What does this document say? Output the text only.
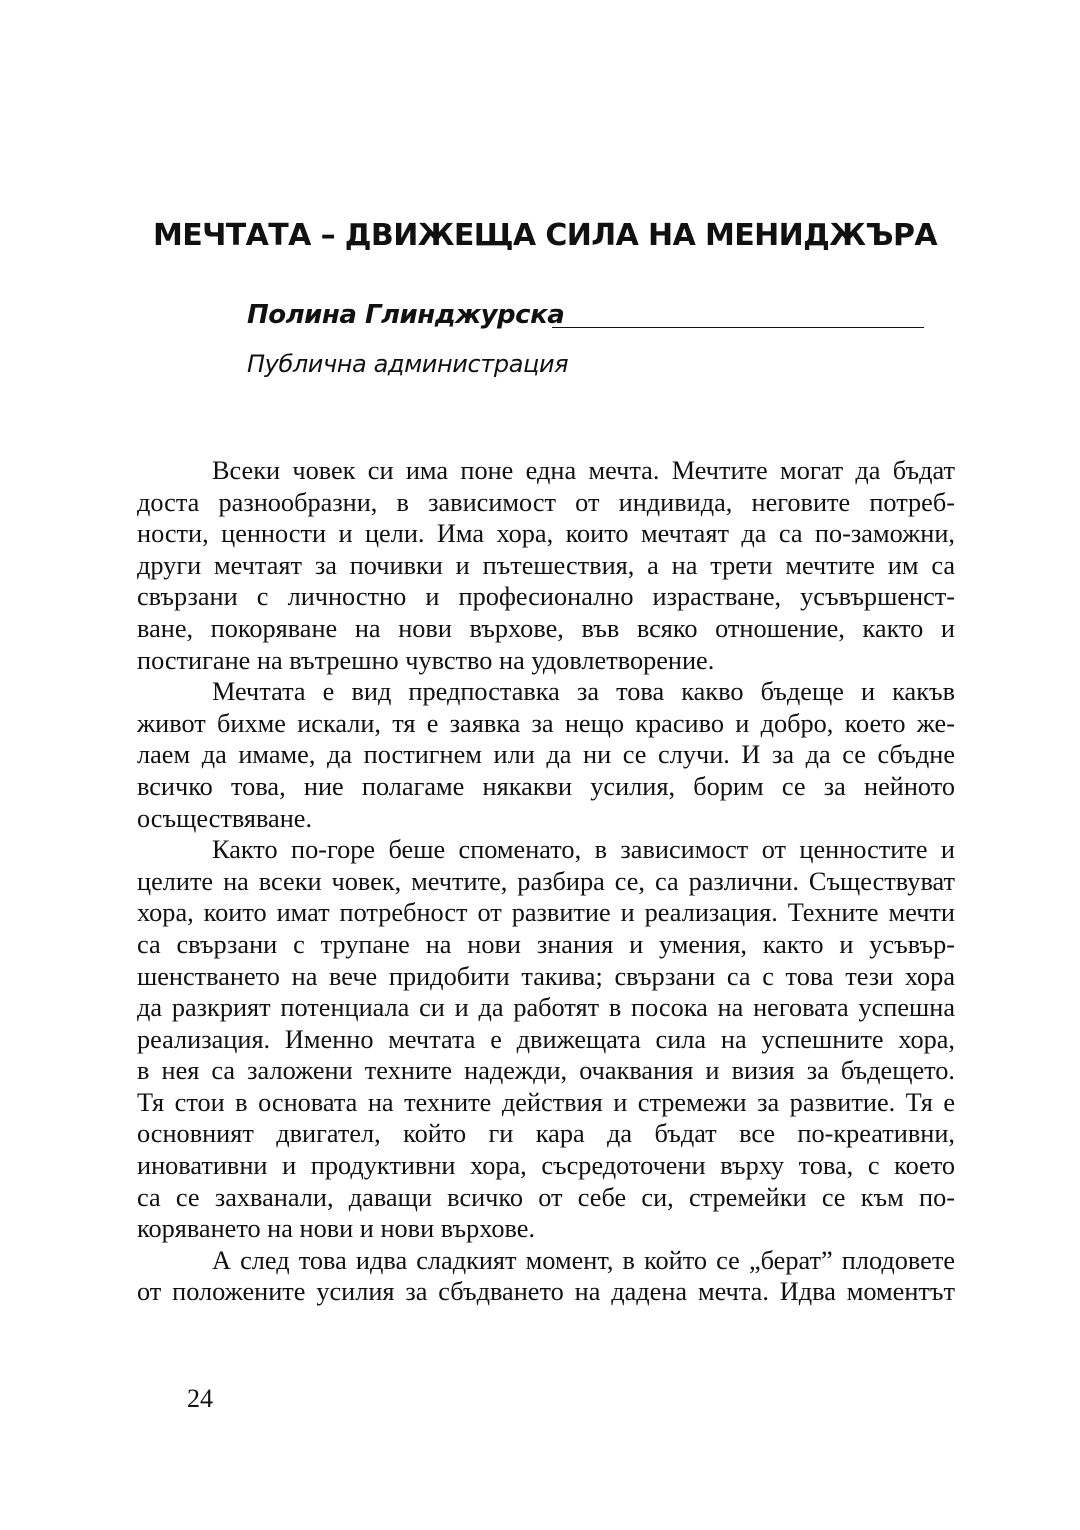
МЕЧТАТА – ДВИЖЕЩА СИЛА НА МЕНИДЖЪРА
Полина Глинджурска
Публична администрация
Всеки човек си има поне една мечта. Мечтите могат да бъдат
доста разнообразни, в зависимост от индивида, неговите потреб-
ности, ценности и цели. Има хора, които мечтаят да са по-заможни,
други мечтаят за почивки и пътешествия, а на трети мечтите им са
свързани с личностно и професионално израстване, усъвършенст-
ване, покоряване на нови върхове, във всяко отношение, както и
постигане на вътрешно чувство на удовлетворение.
Мечтата е вид предпоставка за това какво бъдеще и какъв
живот бихме искали, тя е заявка за нещо красиво и добро, което же-
лаем да имаме, да постигнем или да ни се случи. И за да се сбъдне
всичко това, ние полагаме някакви усилия, борим се за нейното
осъществяване.
Както по-горе беше споменато, в зависимост от ценностите и
целите на всеки човек, мечтите, разбира се, са различни. Съществуват
хора, които имат потребност от развитие и реализация. Техните мечти
са свързани с трупане на нови знания и умения, както и усъвър-
шенстването на вече придобити такива; свързани са с това тези хора
да разкрият потенциала си и да работят в посока на неговата успешна
реализация. Именно мечтата е движещата сила на успешните хора,
в нея са заложени техните надежди, очаквания и визия за бъдещето.
Тя стои в основата на техните действия и стремежи за развитие. Тя е
основният двигател, който ги кара да бъдат все по-креативни,
иновативни и продуктивни хора, съсредоточени върху това, с което
са се захванали, даващи всичко от себе си, стремейки се към по-
коряването на нови и нови върхове.
А след това идва сладкият момент, в който се „берат” плодовете
от положените усилия за сбъдването на дадена мечта. Идва моментът
24
